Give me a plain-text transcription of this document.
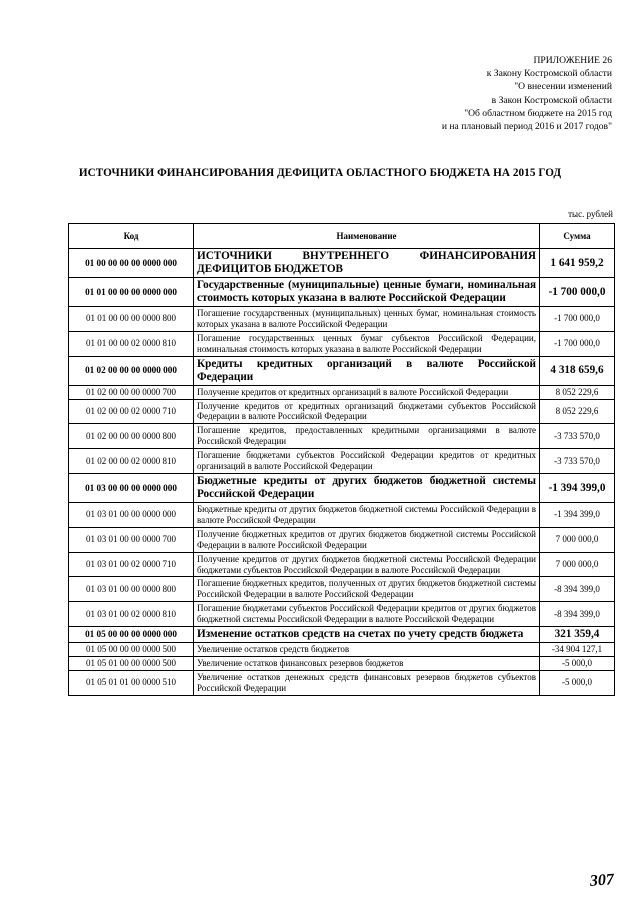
ПРИЛОЖЕНИЕ 26
к Закону Костромской области
"О внесении изменений
в Закон Костромской области
"Об областном бюджете на 2015 год
и на плановый период 2016 и 2017 годов"
ИСТОЧНИКИ ФИНАНСИРОВАНИЯ ДЕФИЦИТА ОБЛАСТНОГО БЮДЖЕТА НА 2015 ГОД
тыс. рублей
Код	Наименование	Сумма
01 00 00 00 00 0000 000	ИСТОЧНИКИ ВНУТРЕННЕГО ФИНАНСИРОВАНИЯ ДЕФИЦИТОВ БЮДЖЕТОВ	1 641 959,2
01 01 00 00 00 0000 000	Государственные (муниципальные) ценные бумаги, номинальная стоимость которых указана в валюте Российской Федерации	-1 700 000,0
01 01 00 00 00 0000 800	Погашение государственных (муниципальных) ценных бумаг, номинальная стоимость которых указана в валюте Российской Федерации	-1 700 000,0
01 01 00 00 02 0000 810	Погашение государственных ценных бумаг субъектов Российской Федерации, номинальная стоимость которых указана в валюте Российской Федерации	-1 700 000,0
01 02 00 00 00 0000 000	Кредиты кредитных организаций в валюте Российской Федерации	4 318 659,6
01 02 00 00 00 0000 700	Получение кредитов от кредитных организаций в валюте Российской Федерации	8 052 229,6
01 02 00 00 02 0000 710	Получение кредитов от кредитных организаций бюджетами субъектов Российской Федерации в валюте Российской Федерации	8 052 229,6
01 02 00 00 00 0000 800	Погашение кредитов, предоставленных кредитными организациями в валюте Российской Федерации	-3 733 570,0
01 02 00 00 02 0000 810	Погашение бюджетами субъектов Российской Федерации кредитов от кредитных организаций в валюте Российской Федерации	-3 733 570,0
01 03 00 00 00 0000 000	Бюджетные кредиты от других бюджетов бюджетной системы Российской Федерации	-1 394 399,0
01 03 01 00 00 0000 000	Бюджетные кредиты от других бюджетов бюджетной системы Российской Федерации в валюте Российской Федерации	-1 394 399,0
01 03 01 00 00 0000 700	Получение бюджетных кредитов от других бюджетов бюджетной системы Российской Федерации в валюте Российской Федерации	7 000 000,0
01 03 01 00 02 0000 710	Получение кредитов от других бюджетов бюджетной системы Российской Федерации бюджетами субъектов Российской Федерации в валюте Российской Федерации	7 000 000,0
01 03 01 00 00 0000 800	Погашение бюджетных кредитов, полученных от других бюджетов бюджетной системы Российской Федерации в валюте Российской Федерации	-8 394 399,0
01 03 01 00 02 0000 810	Погашение бюджетами субъектов Российской Федерации кредитов от других бюджетов бюджетной системы Российской Федерации в валюте Российской Федерации	-8 394 399,0
01 05 00 00 00 0000 000	Изменение остатков средств на счетах по учету средств бюджета	321 359,4
01 05 00 00 00 0000 500	Увеличение остатков средств бюджетов	-34 904 127,1
01 05 01 00 00 0000 500	Увеличение остатков финансовых резервов бюджетов	-5 000,0
01 05 01 01 00 0000 510	Увеличение остатков денежных средств финансовых резервов бюджетов субъектов Российской Федерации	-5 000,0
307
